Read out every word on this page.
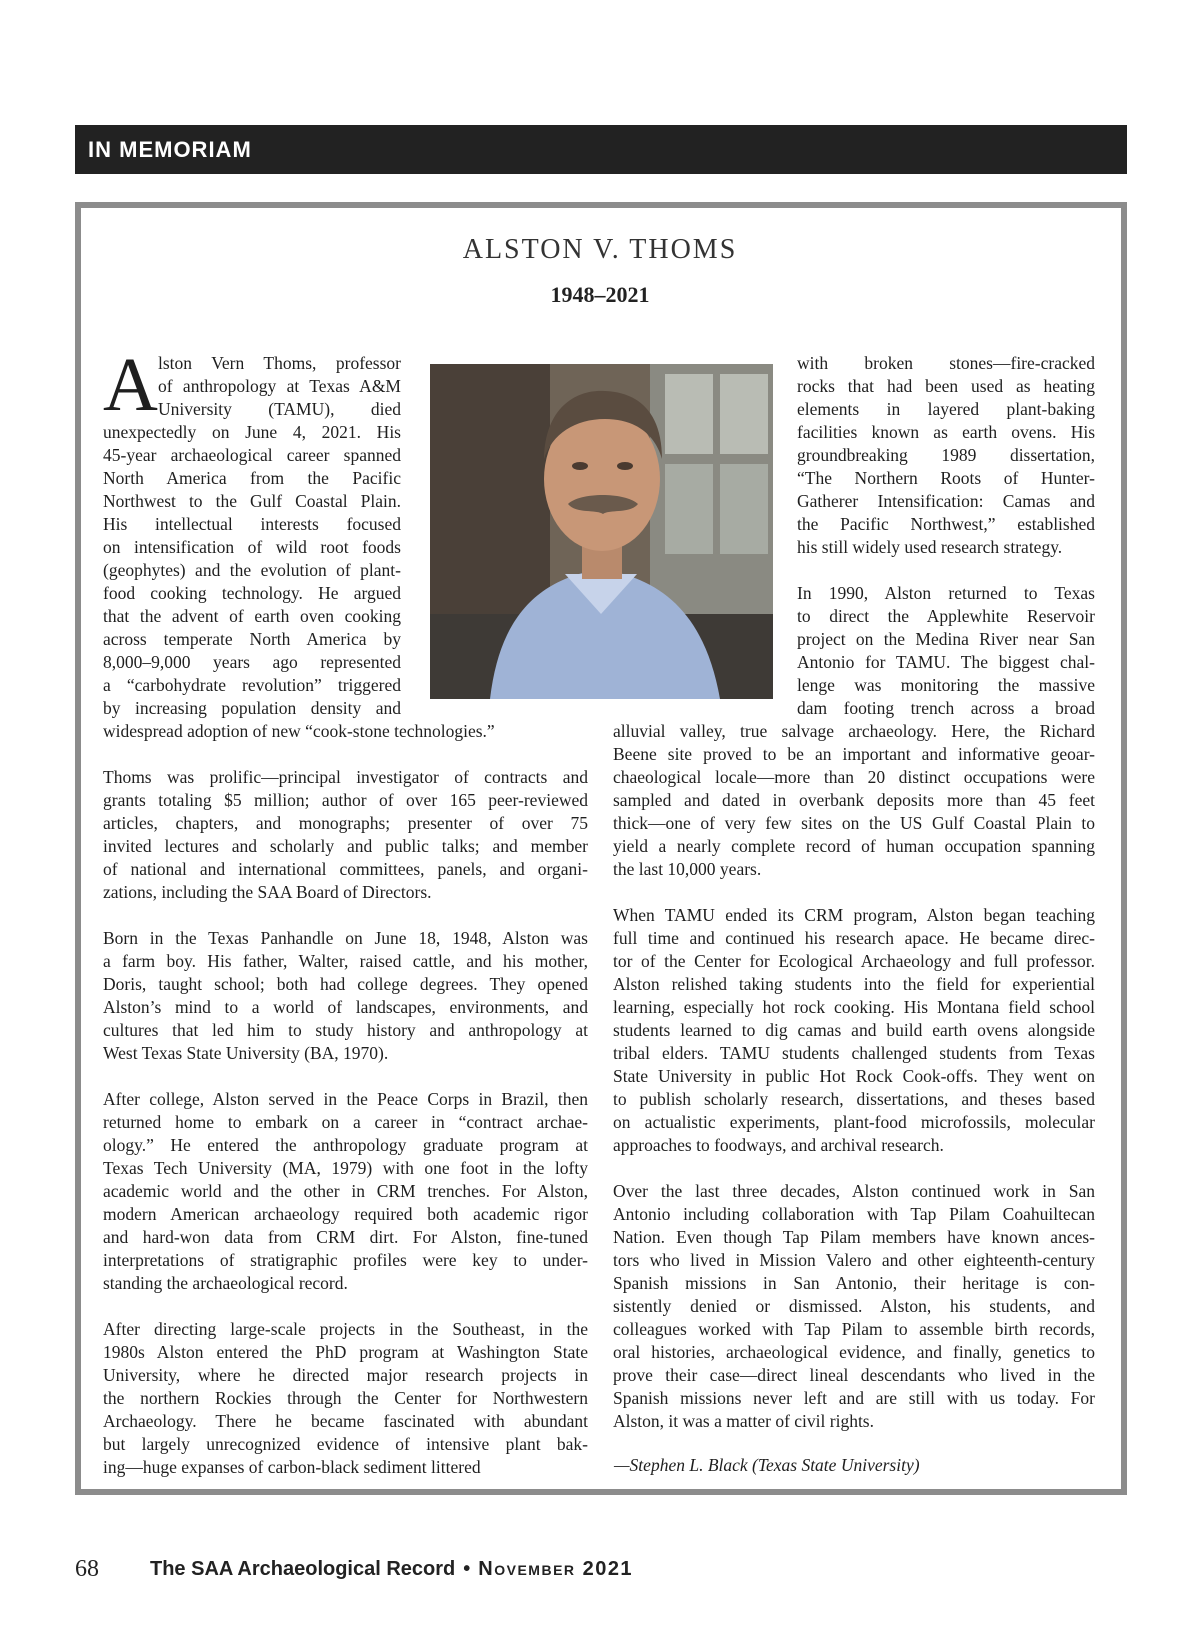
IN MEMORIAM
ALSTON V. THOMS
1948–2021
A lston Vern Thoms, professor
of anthropology at Texas A&M
University (TAMU), died
unexpectedly on June 4, 2021. His
45-year archaeological career spanned
North America from the Pacific
Northwest to the Gulf Coastal Plain.
His intellectual interests focused
on intensification of wild root foods
(geophytes) and the evolution of plant-
food cooking technology. He argued
that the advent of earth oven cooking
across temperate North America by
8,000–9,000 years ago represented
a “carbohydrate revolution” triggered
by increasing population density and
widespread adoption of new “cook-stone technologies.”
Thoms was prolific—principal investigator of contracts and
grants totaling $5 million; author of over 165 peer-reviewed
articles, chapters, and monographs; presenter of over 75
invited lectures and scholarly and public talks; and member
of national and international committees, panels, and organi-
zations, including the SAA Board of Directors.
Born in the Texas Panhandle on June 18, 1948, Alston was
a farm boy. His father, Walter, raised cattle, and his mother,
Doris, taught school; both had college degrees. They opened
Alston’s mind to a world of landscapes, environments, and
cultures that led him to study history and anthropology at
West Texas State University (BA, 1970).
After college, Alston served in the Peace Corps in Brazil, then
returned home to embark on a career in “contract archae-
ology.” He entered the anthropology graduate program at
Texas Tech University (MA, 1979) with one foot in the lofty
academic world and the other in CRM trenches. For Alston,
modern American archaeology required both academic rigor
and hard-won data from CRM dirt. For Alston, fine-tuned
interpretations of stratigraphic profiles were key to under-
standing the archaeological record.
After directing large-scale projects in the Southeast, in the
1980s Alston entered the PhD program at Washington State
University, where he directed major research projects in
the northern Rockies through the Center for Northwestern
Archaeology. There he became fascinated with abundant
but largely unrecognized evidence of intensive plant bak-
ing—huge expanses of carbon-black sediment littered
with broken stones—fire-cracked
rocks that had been used as heating
elements in layered plant-baking
facilities known as earth ovens. His
groundbreaking 1989 dissertation,
“The Northern Roots of Hunter-
Gatherer Intensification: Camas and
the Pacific Northwest,” established
his still widely used research strategy.
In 1990, Alston returned to Texas
to direct the Applewhite Reservoir
project on the Medina River near San
Antonio for TAMU. The biggest chal-
lenge was monitoring the massive
dam footing trench across a broad
alluvial valley, true salvage archaeology. Here, the Richard
Beene site proved to be an important and informative geoar-
chaeological locale—more than 20 distinct occupations were
sampled and dated in overbank deposits more than 45 feet
thick—one of very few sites on the US Gulf Coastal Plain to
yield a nearly complete record of human occupation spanning
the last 10,000 years.
When TAMU ended its CRM program, Alston began teaching
full time and continued his research apace. He became direc-
tor of the Center for Ecological Archaeology and full professor.
Alston relished taking students into the field for experiential
learning, especially hot rock cooking. His Montana field school
students learned to dig camas and build earth ovens alongside
tribal elders. TAMU students challenged students from Texas
State University in public Hot Rock Cook-offs. They went on
to publish scholarly research, dissertations, and theses based
on actualistic experiments, plant-food microfossils, molecular
approaches to foodways, and archival research.
Over the last three decades, Alston continued work in San
Antonio including collaboration with Tap Pilam Coahuiltecan
Nation. Even though Tap Pilam members have known ances-
tors who lived in Mission Valero and other eighteenth-century
Spanish missions in San Antonio, their heritage is con-
sistently denied or dismissed. Alston, his students, and
colleagues worked with Tap Pilam to assemble birth records,
oral histories, archaeological evidence, and finally, genetics to
prove their case—direct lineal descendants who lived in the
Spanish missions never left and are still with us today. For
Alston, it was a matter of civil rights.
—Stephen L. Black (Texas State University)
68	The SAA Archaeological Record • November 2021
